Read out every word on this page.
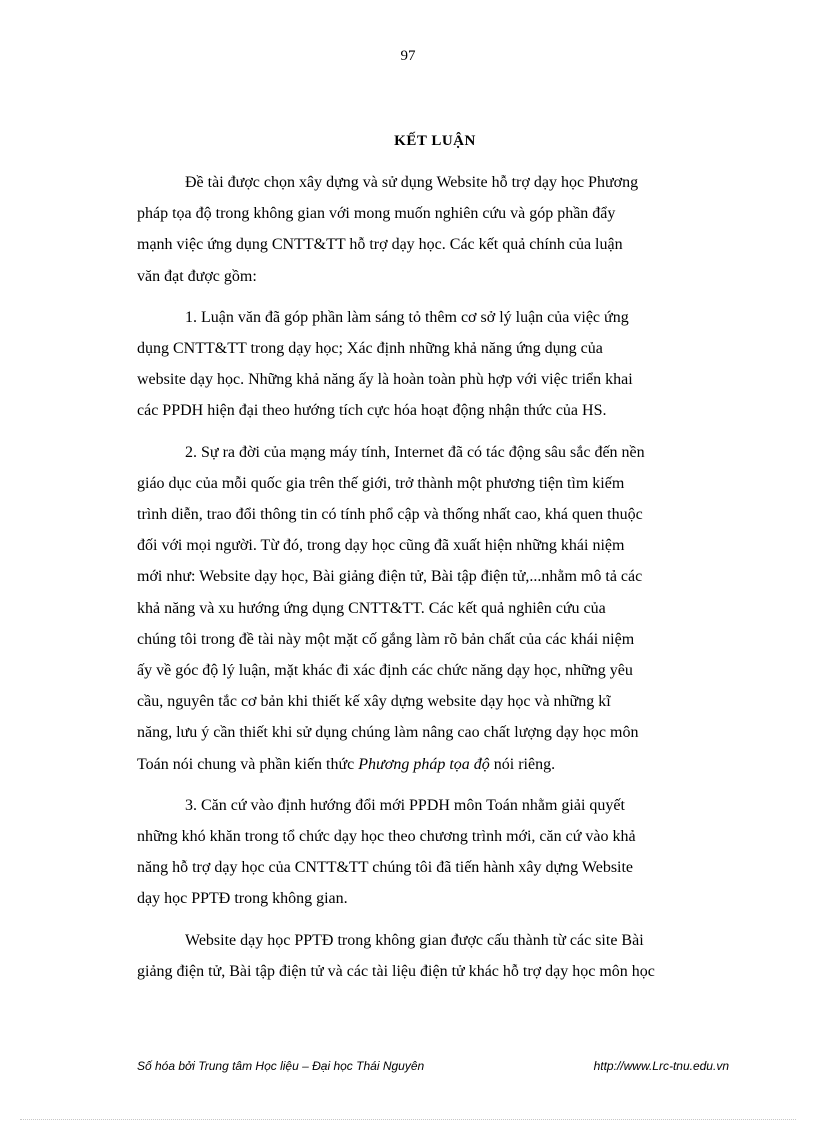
97
KẾT LUẬN

Đề tài được chọn xây dựng và sử dụng Website hỗ trợ dạy học Phương
pháp tọa độ trong không gian với mong muốn nghiên cứu và góp phần đẩy
mạnh việc ứng dụng CNTT&TT hỗ trợ dạy học. Các kết quả chính của luận
văn đạt được gồm:

1. Luận văn đã góp phần làm sáng tỏ thêm cơ sở lý luận của việc ứng
dụng CNTT&TT trong dạy học; Xác định những khả năng ứng dụng của
website dạy học. Những khả năng ấy là hoàn toàn phù hợp với việc triển khai
các PPDH hiện đại theo hướng tích cực hóa hoạt động nhận thức của HS.

2. Sự ra đời của mạng máy tính, Internet đã có tác động sâu sắc đến nền
giáo dục của mỗi quốc gia trên thế giới, trở thành một phương tiện tìm kiếm
trình diễn, trao đổi thông tin có tính phổ cập và thống nhất cao, khá quen thuộc
đối với mọi người. Từ đó, trong dạy học cũng đã xuất hiện những khái niệm
mới như: Website dạy học, Bài giảng điện tử, Bài tập điện tử,...nhằm mô tả các
khả năng và xu hướng ứng dụng CNTT&TT. Các kết quả nghiên cứu của
chúng tôi trong đề tài này một mặt cố gắng làm rõ bản chất của các khái niệm
ấy về góc độ lý luận, mặt khác đi xác định các chức năng dạy học, những yêu
cầu, nguyên tắc cơ bản khi thiết kế xây dựng website dạy học và những kĩ
năng, lưu ý cần thiết khi sử dụng chúng làm nâng cao chất lượng dạy học môn
Toán nói chung và phần kiến thức Phương pháp tọa độ nói riêng.

3. Căn cứ vào định hướng đổi mới PPDH môn Toán nhằm giải quyết
những khó khăn trong tổ chức dạy học theo chương trình mới, căn cứ vào khả
năng hỗ trợ dạy học của CNTT&TT chúng tôi đã tiến hành xây dựng Website
dạy học PPTĐ trong không gian.

Website dạy học PPTĐ trong không gian được cấu thành từ các site Bài
giảng điện tử, Bài tập điện tử và các tài liệu điện tử khác hỗ trợ dạy học môn học

Số hóa bởi Trung tâm Học liệu – Đại học Thái Nguyên	http://www.Lrc-tnu.edu.vn
